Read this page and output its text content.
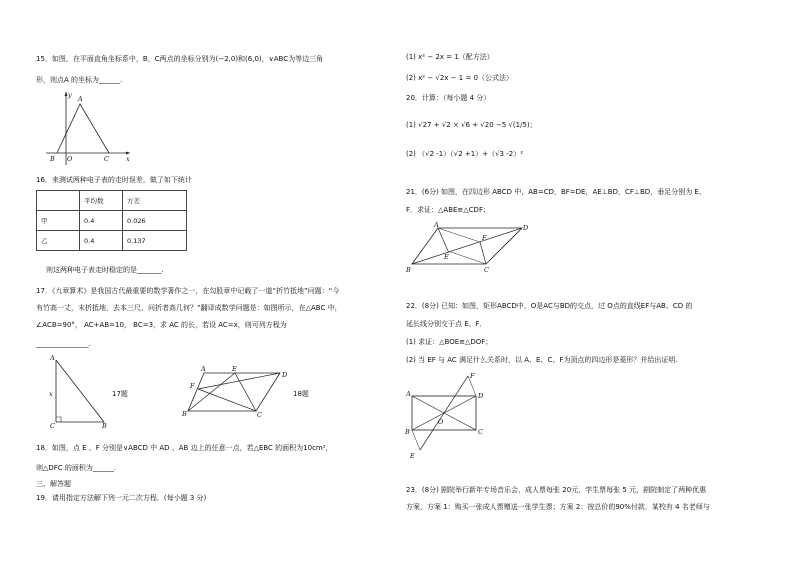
15．如图，在平面直角坐标系中，B，C两点的坐标分别为(−2,0)和(6,0)，∨ABC为等边三角
形，则点A 的坐标为______.
y A
B O	C	x
16．来测试两种电子表的走时误差，做了如下统计
	平均数	方差
甲	0.4	0.026
乙	0.4	0.137
则这两种电子表走时稳定的是_______.
17．《九章算术》是我国古代最重要的数学著作之一，在勾股章中记载了一道“折竹抵地”问题：“今
有竹高一丈，末折抵地，去本三尺，问折者高几何？”翻译成数学问题是：如图所示，在△ABC 中，
∠ACB=90°， AC+AB=10， BC=3，求 AC 的长，若设 AC=x，则可列方程为
_______________.
A
x
C	B
17题
A	E
F
D
B	C
18题
18．如图，点 E 、F 分别是∨ABCD 中 AD 、AB 边上的任意一点，若△EBC 的面积为10cm²，
则△DFC 的面积为______.
三、解答题
19．请用指定方法解下列一元二次方程．(每小题 3 分)
(1) x² − 2x = 1（配方法）
(2) x² − √2x − 1 = 0（公式法）
20．计算：（每小题 4 分）
(1) √27 + √2 × √6 + √20 −5 √(1/5)；
(2) （√2 -1）（√2 +1）+（√3 -2）²
21．(6分) 如图，在四边形 ABCD 中，AB=CD，BF=DE，AE⊥BD，CF⊥BD，垂足分别为 E、
F．求证：△ABE≌△CDF；
A
F
D
E
B	C
22．(8分) 已知：如图，矩形ABCD中，O是AC与BD的交点，过 O点的直线EF与AB、CD 的
延长线分别交于点 E、F．
(1) 求证：△BOE≌△DOF；
(2) 当 EF 与 AC 满足什么关系时，以 A、E、C、F为顶点的四边形是菱形？并给出证明.
F
A	D
O
B	C
E
23．(8分) 剧院举行新年专场音乐会，成人票每张 20元，学生票每张 5 元，剧院制定了两种优惠
方案，方案 1：购买一张成人票赠送一张学生票；方案 2：按总价的90%付款．某校有 4 名老师与
